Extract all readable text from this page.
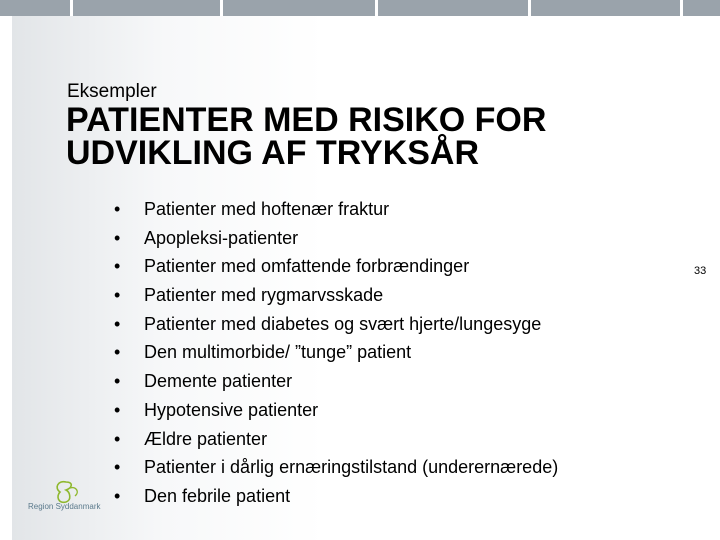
Eksempler
PATIENTER MED RISIKO FOR
UDVIKLING AF TRYKSÅR
33
•	Patienter med hoftenær fraktur
•	Apopleksi-patienter
•	Patienter med omfattende forbrændinger
•	Patienter med rygmarvsskade
•	Patienter med diabetes og svært hjerte/lungesyge
•	Den multimorbide/ ”tunge” patient
•	Demente patienter
•	Hypotensive patienter
•	Ældre patienter
•	Patienter i dårlig ernæringstilstand (underernærede)
•	Den febrile patient
Region Syddanmark
